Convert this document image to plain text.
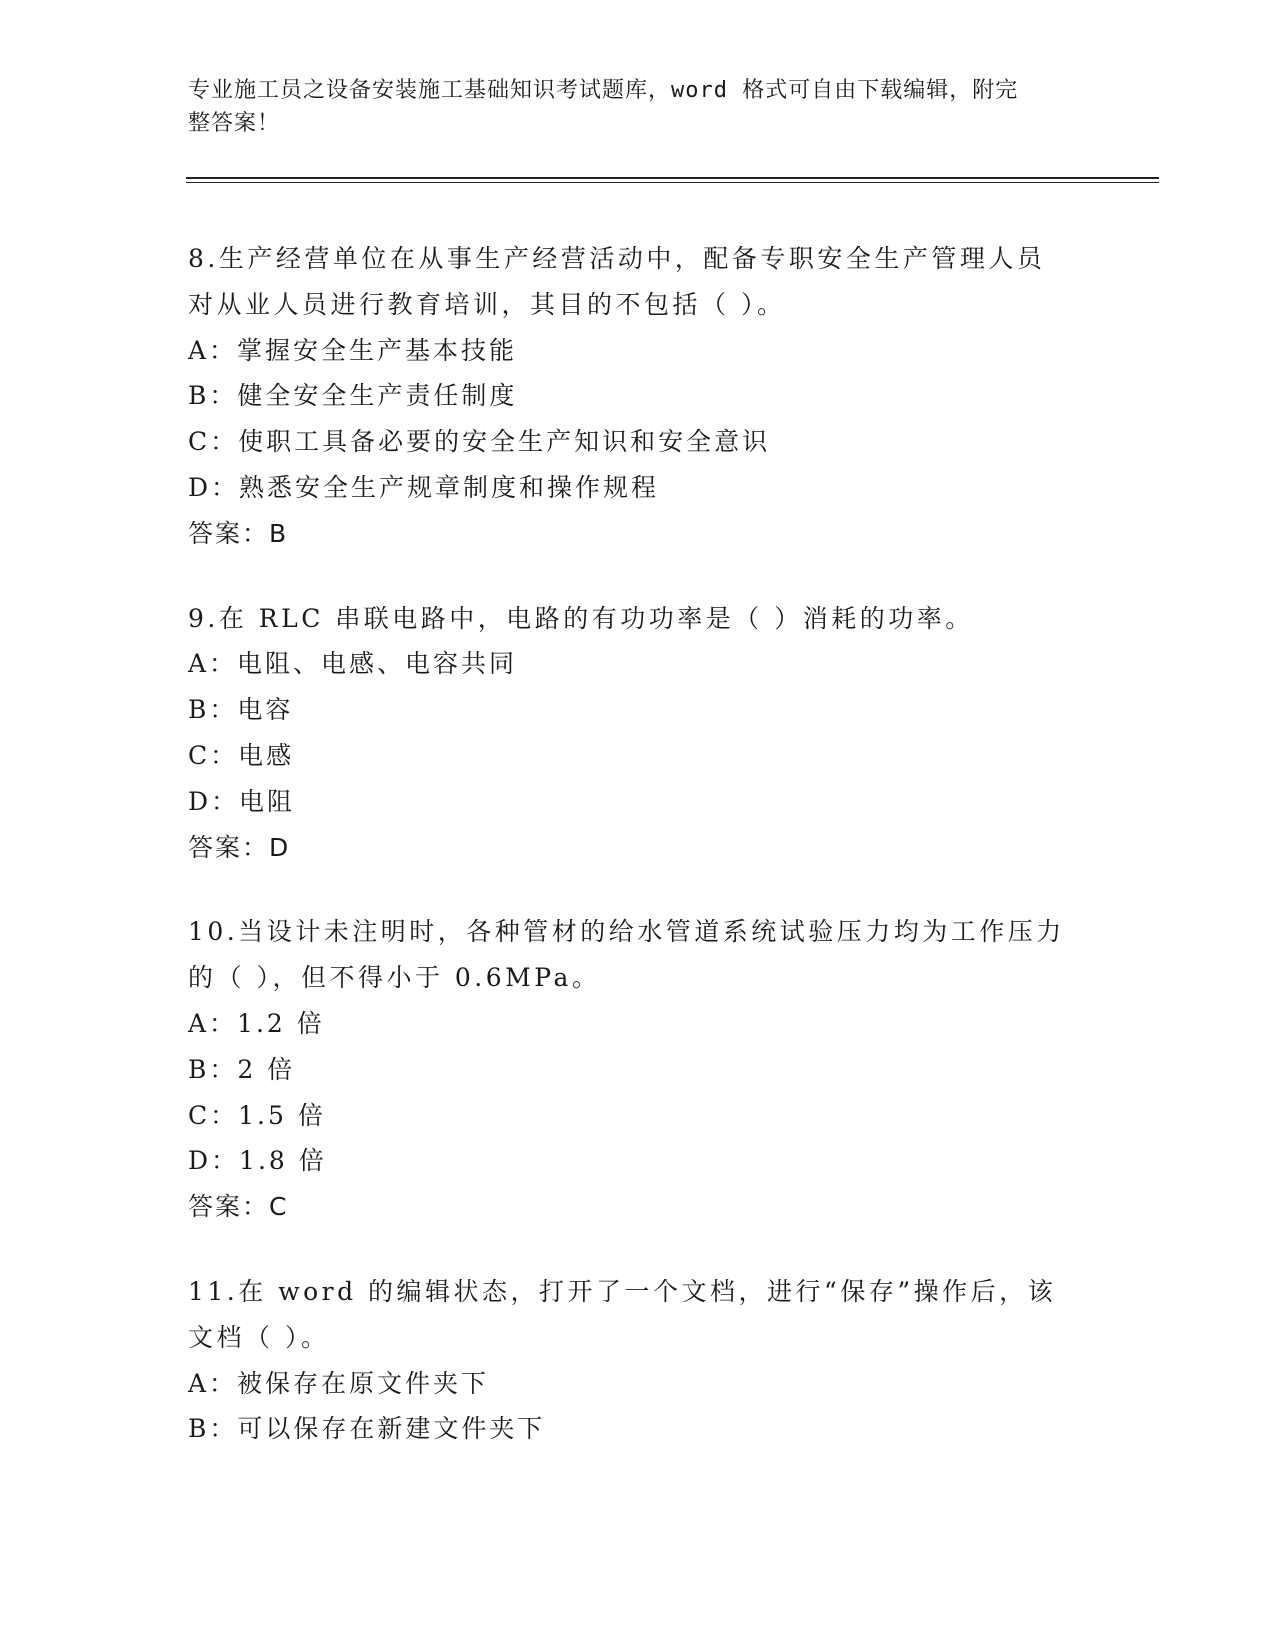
专业施工员之设备安装施工基础知识考试题库，word 格式可自由下载编辑，附完
整答案！
8.生产经营单位在从事生产经营活动中，配备专职安全生产管理人员
对从业人员进行教育培训，其目的不包括（ ）。
A：掌握安全生产基本技能
B：健全安全生产责任制度
C：使职工具备必要的安全生产知识和安全意识
D：熟悉安全生产规章制度和操作规程
答案：B
9.在 RLC 串联电路中，电路的有功功率是（ ）消耗的功率。
A：电阻、电感、电容共同
B：电容
C：电感
D：电阻
答案：D
10.当设计未注明时，各种管材的给水管道系统试验压力均为工作压力
的（ ），但不得小于 0.6MPa。
A：1.2 倍
B：2 倍
C：1.5 倍
D：1.8 倍
答案：C
11.在 word 的编辑状态，打开了一个文档，进行“保存”操作后，该
文档（ ）。
A：被保存在原文件夹下
B：可以保存在新建文件夹下
